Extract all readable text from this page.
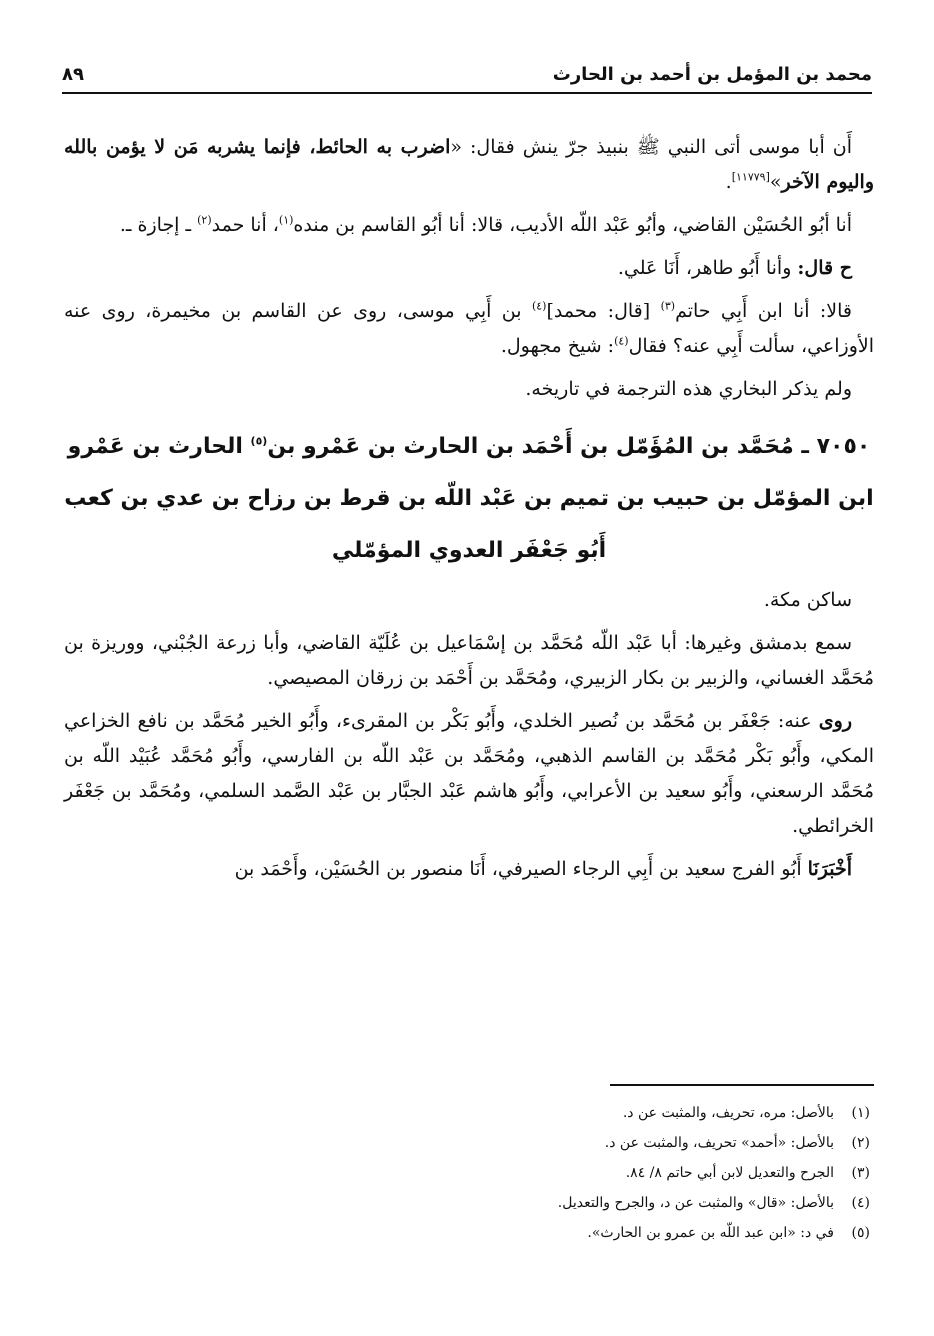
محمد بن المؤمل بن أحمد بن الحارث
٨٩

أَن أبا موسى أتى النبي ﷺ بنبيذ جرّ ينش فقال: «اضرب به الحائط، فإنما يشربه مَن لا يؤمن بالله واليوم الآخر»[١١٧٧٩].

أنا أبُو الحُسَيْن القاضي، وأبُو عَبْد اللّه الأديب، قالا: أنا أبُو القاسم بن منده$^{(١)}$، أنا حمد$^{(٢)}$ ـ إجازة ـ.

ح قال: وأنا أَبُو طاهر، أَنَا عَلي.

قالا: أنا ابن أَبِي حاتم$^{(٣)}$ [قال: محمد]$^{(٤)}$ بن أَبِي موسى، روى عن القاسم بن مخيمرة، روى عنه الأوزاعي، سألت أَبِي عنه؟ فقال$^{(٤)}$: شيخ مجهول.

ولم يذكر البخاري هذه الترجمة في تاريخه.

٧٠٥٠ ـ مُحَمَّد بن المُؤَمّل بن أَحْمَد بن الحارث بن عَمْرو بن$^{(٥)}$ الحارث بن عَمْرو
ابن المؤمّل بن حبيب بن تميم بن عَبْد اللّه بن قرط بن رزاح بن عدي بن كعب
أَبُو جَعْفَر العدوي المؤمّلي

ساكن مكة.

سمع بدمشق وغيرها: أبا عَبْد اللّه مُحَمَّد بن إسْمَاعيل بن عُلَيّة القاضي، وأبا زرعة الجُبْني، ووريزة بن مُحَمَّد الغساني، والزبير بن بكار الزبيري، ومُحَمَّد بن أَحْمَد بن زرقان المصيصي.

روى عنه: جَعْفَر بن مُحَمَّد بن نُصير الخلدي، وأَبُو بَكْر بن المقرىء، وأَبُو الخير مُحَمَّد بن نافع الخزاعي المكي، وأَبُو بَكْر مُحَمَّد بن القاسم الذهبي، ومُحَمَّد بن عَبْد اللّه بن الفارسي، وأَبُو مُحَمَّد عُبَيْد اللّه بن مُحَمَّد الرسعني، وأَبُو سعيد بن الأعرابي، وأَبُو هاشم عَبْد الجبَّار بن عَبْد الصَّمد السلمي، ومُحَمَّد بن جَعْفَر الخرائطي.

أَخْبَرَنَا أَبُو الفرج سعيد بن أَبِي الرجاء الصيرفي، أَنَا منصور بن الحُسَيْن، وأَحْمَد بن

(١)بالأصل: مره، تحريف، والمثبت عن د.
(٢)بالأصل: «أحمد» تحريف، والمثبت عن د.
(٣)الجرح والتعديل لابن أبي حاتم ٨/ ٨٤.
(٤)بالأصل: «قال» والمثبت عن د، والجرح والتعديل.
(٥)في د: «ابن عبد اللّه بن عمرو بن الحارث».
